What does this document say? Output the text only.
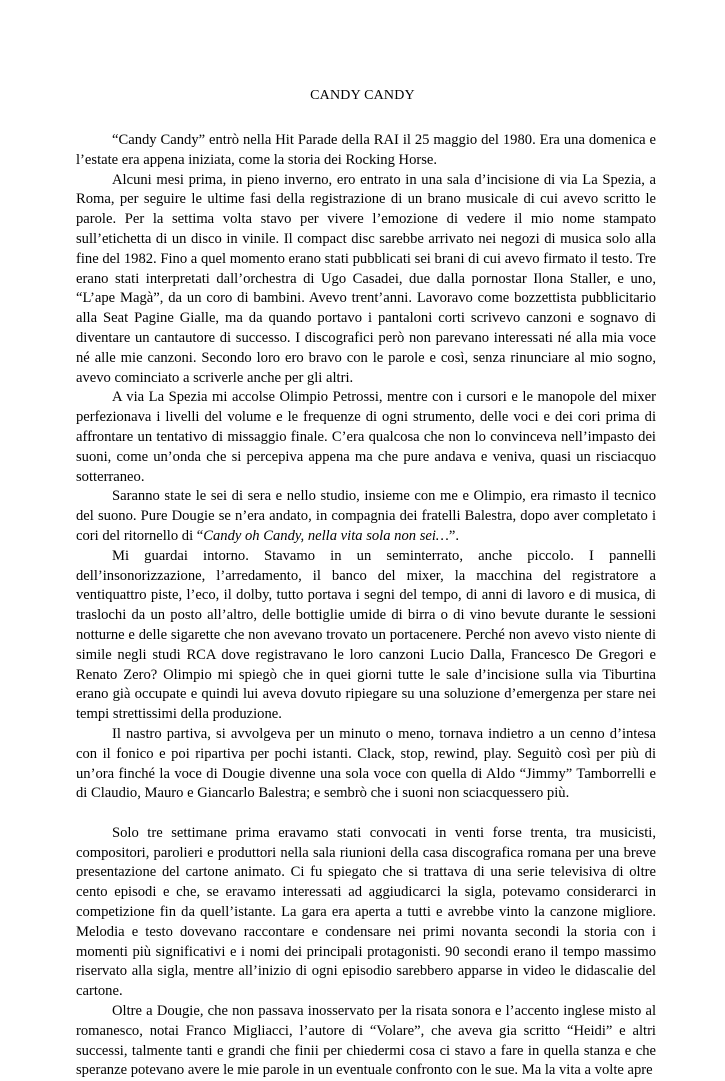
CANDY CANDY

“Candy Candy” entrò nella Hit Parade della RAI il 25 maggio del 1980. Era una domenica e l’estate era appena iniziata, come la storia dei Rocking Horse.

Alcuni mesi prima, in pieno inverno, ero entrato in una sala d’incisione di via La Spezia, a Roma, per seguire le ultime fasi della registrazione di un brano musicale di cui avevo scritto le parole. Per la settima volta stavo per vivere l’emozione di vedere il mio nome stampato sull’etichetta di un disco in vinile. Il compact disc sarebbe arrivato nei negozi di musica solo alla fine del 1982. Fino a quel momento erano stati pubblicati sei brani di cui avevo firmato il testo. Tre erano stati interpretati dall’orchestra di Ugo Casadei, due dalla pornostar Ilona Staller, e uno, “L’ape Magà”, da un coro di bambini. Avevo trent’anni. Lavoravo come bozzettista pubblicitario alla Seat Pagine Gialle, ma da quando portavo i pantaloni corti scrivevo canzoni e sognavo di diventare un cantautore di successo. I discografici però non parevano interessati né alla mia voce né alle mie canzoni. Secondo loro ero bravo con le parole e così, senza rinunciare al mio sogno, avevo cominciato a scriverle anche per gli altri.

A via La Spezia mi accolse Olimpio Petrossi, mentre con i cursori e le manopole del mixer perfezionava i livelli del volume e le frequenze di ogni strumento, delle voci e dei cori prima di affrontare un tentativo di missaggio finale. C’era qualcosa che non lo convinceva nell’impasto dei suoni, come un’onda che si percepiva appena ma che pure andava e veniva, quasi un risciacquo sotterraneo.

Saranno state le sei di sera e nello studio, insieme con me e Olimpio, era rimasto il tecnico del suono. Pure Dougie se n’era andato, in compagnia dei fratelli Balestra, dopo aver completato i cori del ritornello di “Candy oh Candy, nella vita sola non sei…”.

Mi guardai intorno. Stavamo in un seminterrato, anche piccolo. I pannelli dell’insonorizzazione, l’arredamento, il banco del mixer, la macchina del registratore a ventiquattro piste, l’eco, il dolby, tutto portava i segni del tempo, di anni di lavoro e di musica, di traslochi da un posto all’altro, delle bottiglie umide di birra o di vino bevute durante le sessioni notturne e delle sigarette che non avevano trovato un portacenere. Perché non avevo visto niente di simile negli studi RCA dove registravano le loro canzoni Lucio Dalla, Francesco De Gregori e Renato Zero? Olimpio mi spiegò che in quei giorni tutte le sale d’incisione sulla via Tiburtina erano già occupate e quindi lui aveva dovuto ripiegare su una soluzione d’emergenza per stare nei tempi strettissimi della produzione.

Il nastro partiva, si avvolgeva per un minuto o meno, tornava indietro a un cenno d’intesa con il fonico e poi ripartiva per pochi istanti. Clack, stop, rewind, play. Seguitò così per più di un’ora finché la voce di Dougie divenne una sola voce con quella di Aldo “Jimmy” Tamborrelli e di Claudio, Mauro e Giancarlo Balestra; e sembrò che i suoni non sciacquessero più.

Solo tre settimane prima eravamo stati convocati in venti forse trenta, tra musicisti, compositori, parolieri e produttori nella sala riunioni della casa discografica romana per una breve presentazione del cartone animato. Ci fu spiegato che si trattava di una serie televisiva di oltre cento episodi e che, se eravamo interessati ad aggiudicarci la sigla, potevamo considerarci in competizione fin da quell’istante. La gara era aperta a tutti e avrebbe vinto la canzone migliore. Melodia e testo dovevano raccontare e condensare nei primi novanta secondi la storia con i momenti più significativi e i nomi dei principali protagonisti. 90 secondi erano il tempo massimo riservato alla sigla, mentre all’inizio di ogni episodio sarebbero apparse in video le didascalie del cartone.

Oltre a Dougie, che non passava inosservato per la risata sonora e l’accento inglese misto al romanesco, notai Franco Migliacci, l’autore di “Volare”, che aveva gia scritto “Heidi” e altri successi, talmente tanti e grandi che finii per chiedermi cosa ci stavo a fare in quella stanza e che speranze potevano avere le mie parole in un eventuale confronto con le sue. Ma la vita a volte apre
